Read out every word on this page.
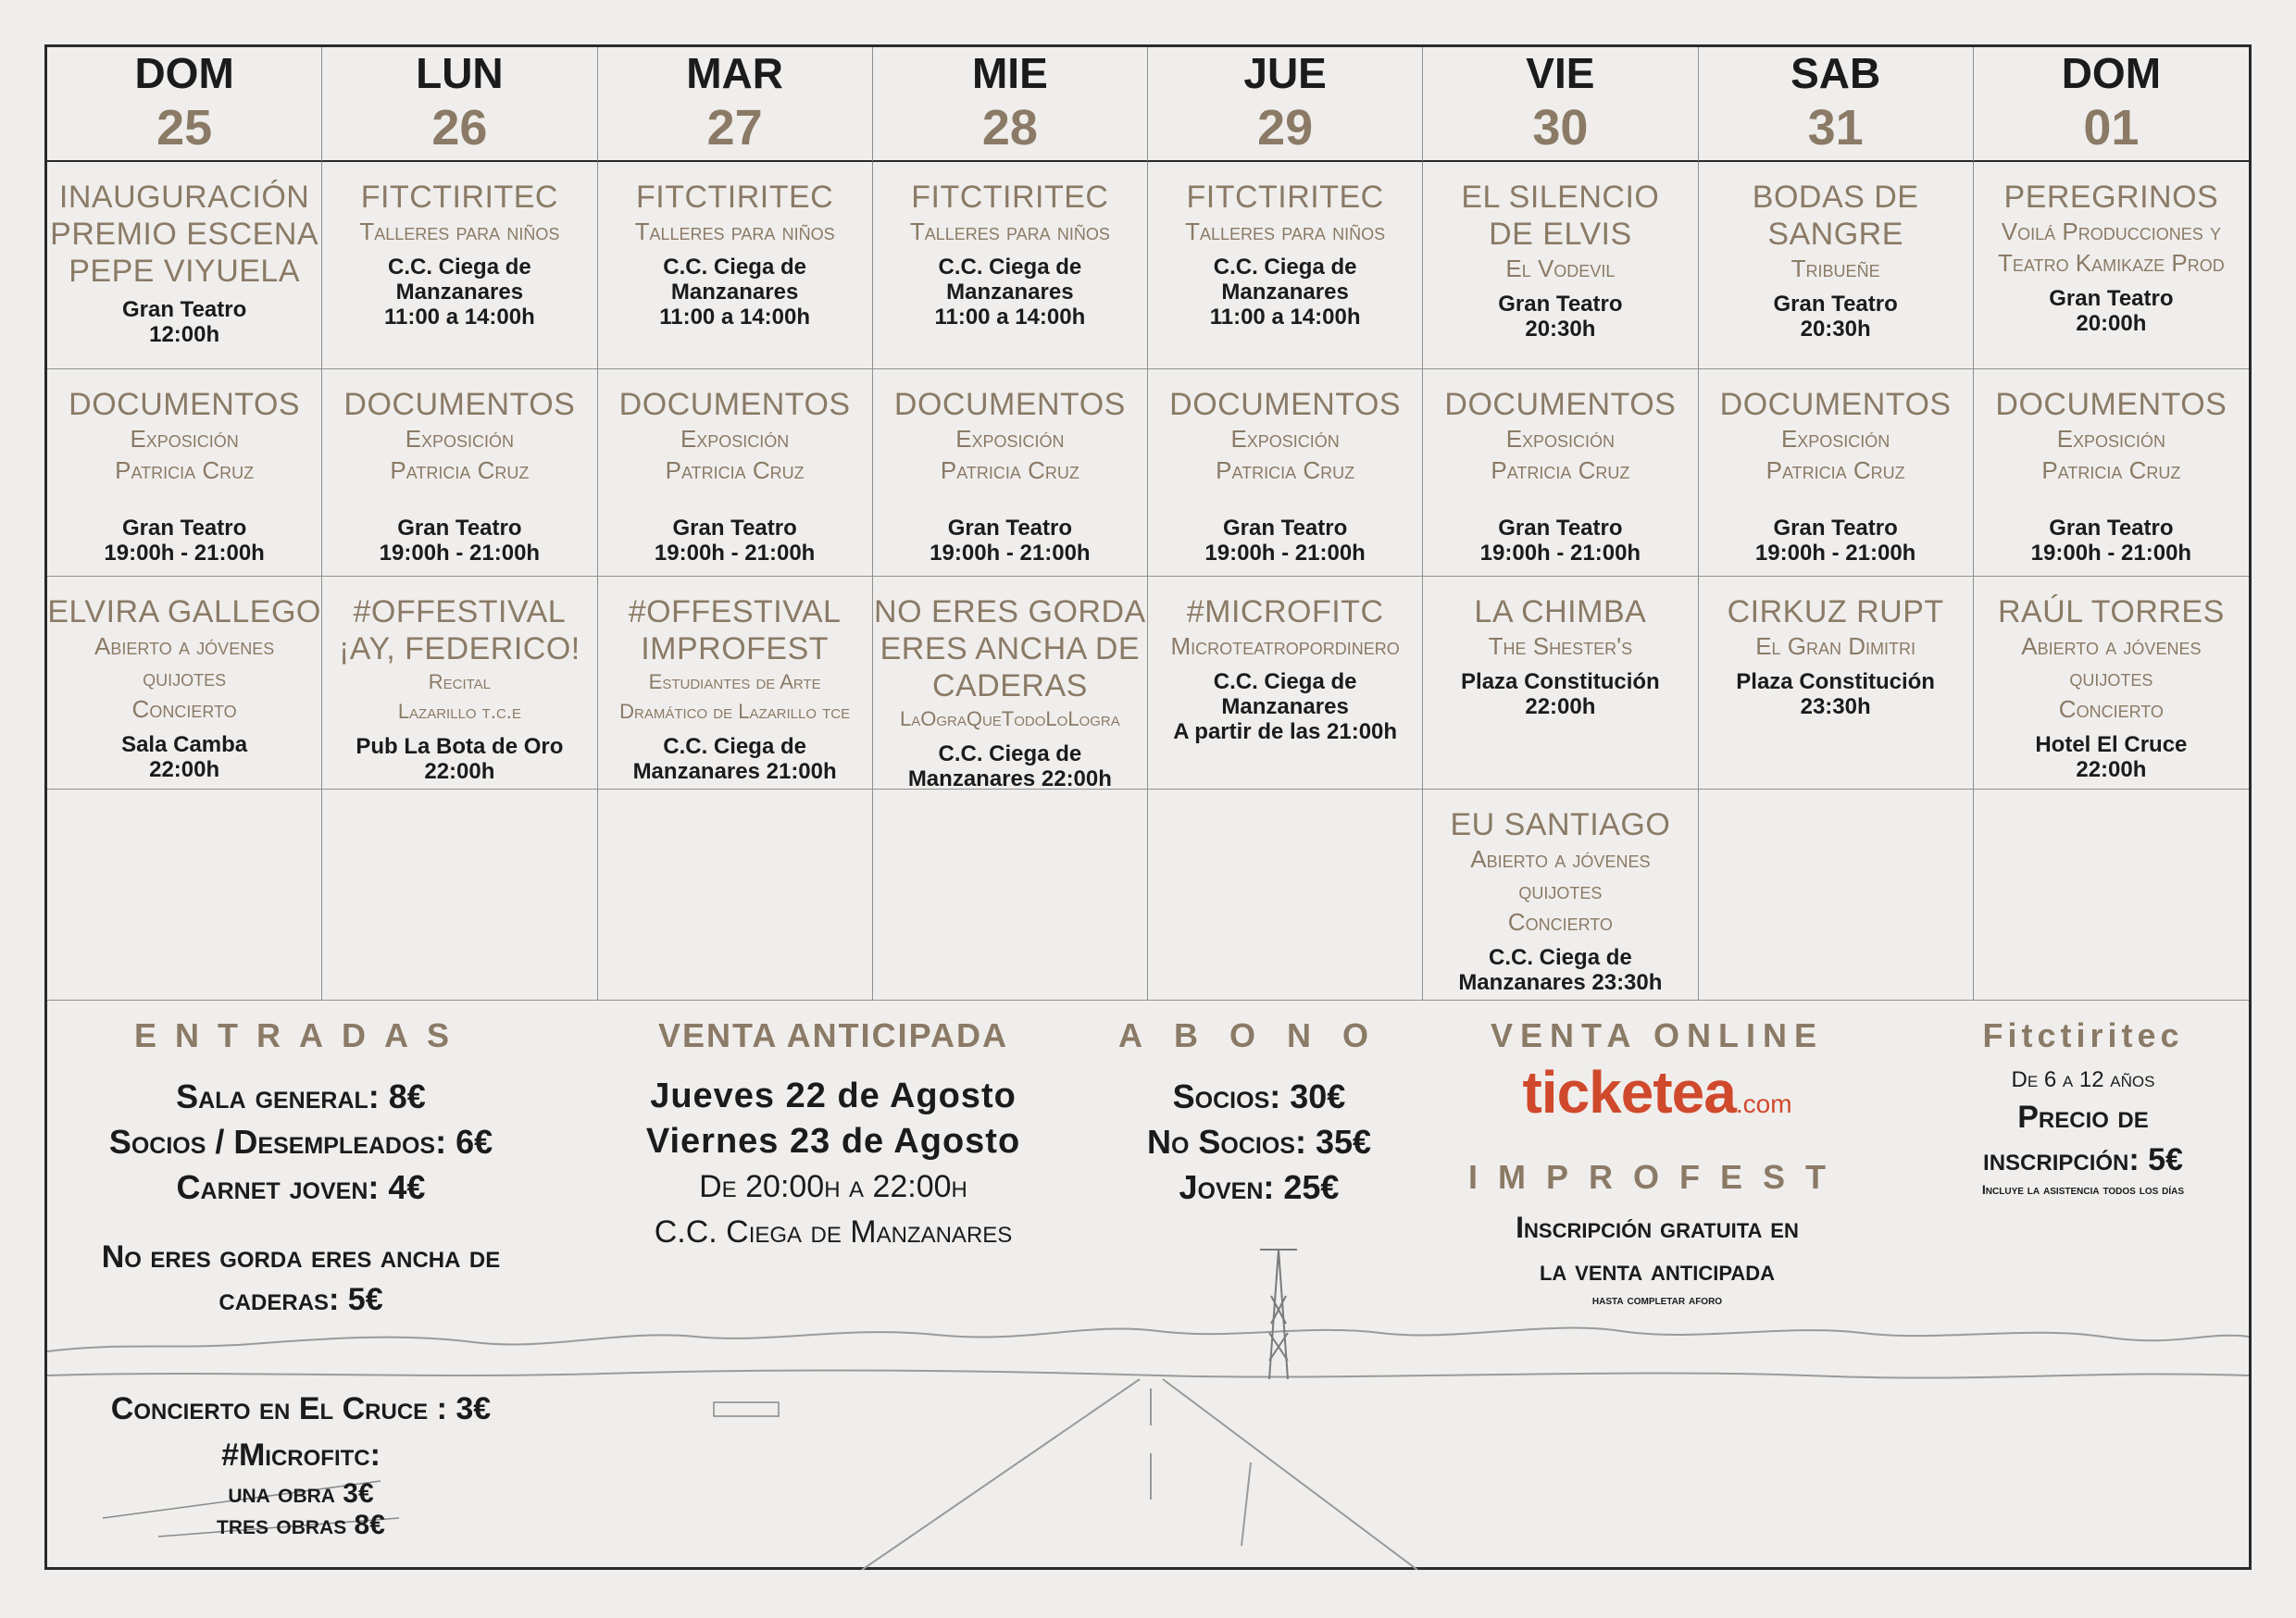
DOM
25
LUN
26
MAR
27
MIE
28
JUE
29
VIE
30
SAB
31
DOM
01
INAUGURACIÓN
PREMIO ESCENA
PEPE VIYUELA
Gran Teatro
12:00h
FITCTIRITEC
Talleres para niños
C.C. Ciega de
Manzanares
11:00 a 14:00h
FITCTIRITEC
Talleres para niños
C.C. Ciega de
Manzanares
11:00 a 14:00h
FITCTIRITEC
Talleres para niños
C.C. Ciega de
Manzanares
11:00 a 14:00h
FITCTIRITEC
Talleres para niños
C.C. Ciega de
Manzanares
11:00 a 14:00h
EL SILENCIO
DE ELVIS
El Vodevil
Gran Teatro
20:30h
BODAS DE
SANGRE
Tribueñe
Gran Teatro
20:30h
PEREGRINOS
Voilá Producciones y
Teatro Kamikaze Prod
Gran Teatro
20:00h
DOCUMENTOS
Exposición
Patricia Cruz
Gran Teatro
19:00h - 21:00h
DOCUMENTOS
Exposición
Patricia Cruz
Gran Teatro
19:00h - 21:00h
DOCUMENTOS
Exposición
Patricia Cruz
Gran Teatro
19:00h - 21:00h
DOCUMENTOS
Exposición
Patricia Cruz
Gran Teatro
19:00h - 21:00h
DOCUMENTOS
Exposición
Patricia Cruz
Gran Teatro
19:00h - 21:00h
DOCUMENTOS
Exposición
Patricia Cruz
Gran Teatro
19:00h - 21:00h
DOCUMENTOS
Exposición
Patricia Cruz
Gran Teatro
19:00h - 21:00h
DOCUMENTOS
Exposición
Patricia Cruz
Gran Teatro
19:00h - 21:00h
ELVIRA GALLEGO
Abierto a jóvenes
quijotes
Concierto
Sala Camba
22:00h
#OFFESTIVAL
¡AY, FEDERICO!
Recital
Lazarillo t.c.e
Pub La Bota de Oro
22:00h
#OFFESTIVAL
IMPROFEST
Estudiantes de Arte
Dramático de Lazarillo tce
C.C. Ciega de
Manzanares 21:00h
NO ERES GORDA
ERES ANCHA DE
CADERAS
LaOgraQueTodoLoLogra
C.C. Ciega de
Manzanares 22:00h
#MICROFITC
Microteatropordinero
C.C. Ciega de
Manzanares
A partir de las 21:00h
LA CHIMBA
The Shester's
Plaza Constitución
22:00h
CIRKUZ RUPT
El Gran Dimitri
Plaza Constitución
23:30h
RAÚL TORRES
Abierto a jóvenes
quijotes
Concierto
Hotel El Cruce
22:00h
EU SANTIAGO
Abierto a jóvenes
quijotes
Concierto
C.C. Ciega de
Manzanares 23:30h
ENTRADAS
Sala general: 8€
Socios / Desempleados: 6€
Carnet joven: 4€
No eres gorda eres ancha de
caderas: 5€
Concierto en El Cruce : 3€
#Microfitc:
una obra 3€
tres obras 8€
VENTA ANTICIPADA
Jueves 22 de Agosto
Viernes 23 de Agosto
De 20:00h a 22:00h
C.C. Ciega de Manzanares
ABONO
Socios: 30€
No Socios: 35€
Joven: 25€
VENTA ONLINE
ticketea.com
IMPROFEST
Inscripción gratuita en
la venta anticipada
hasta completar aforo
Fitctiritec
De 6 a 12 años
Precio de
inscripción: 5€
Incluye la asistencia todos los días
